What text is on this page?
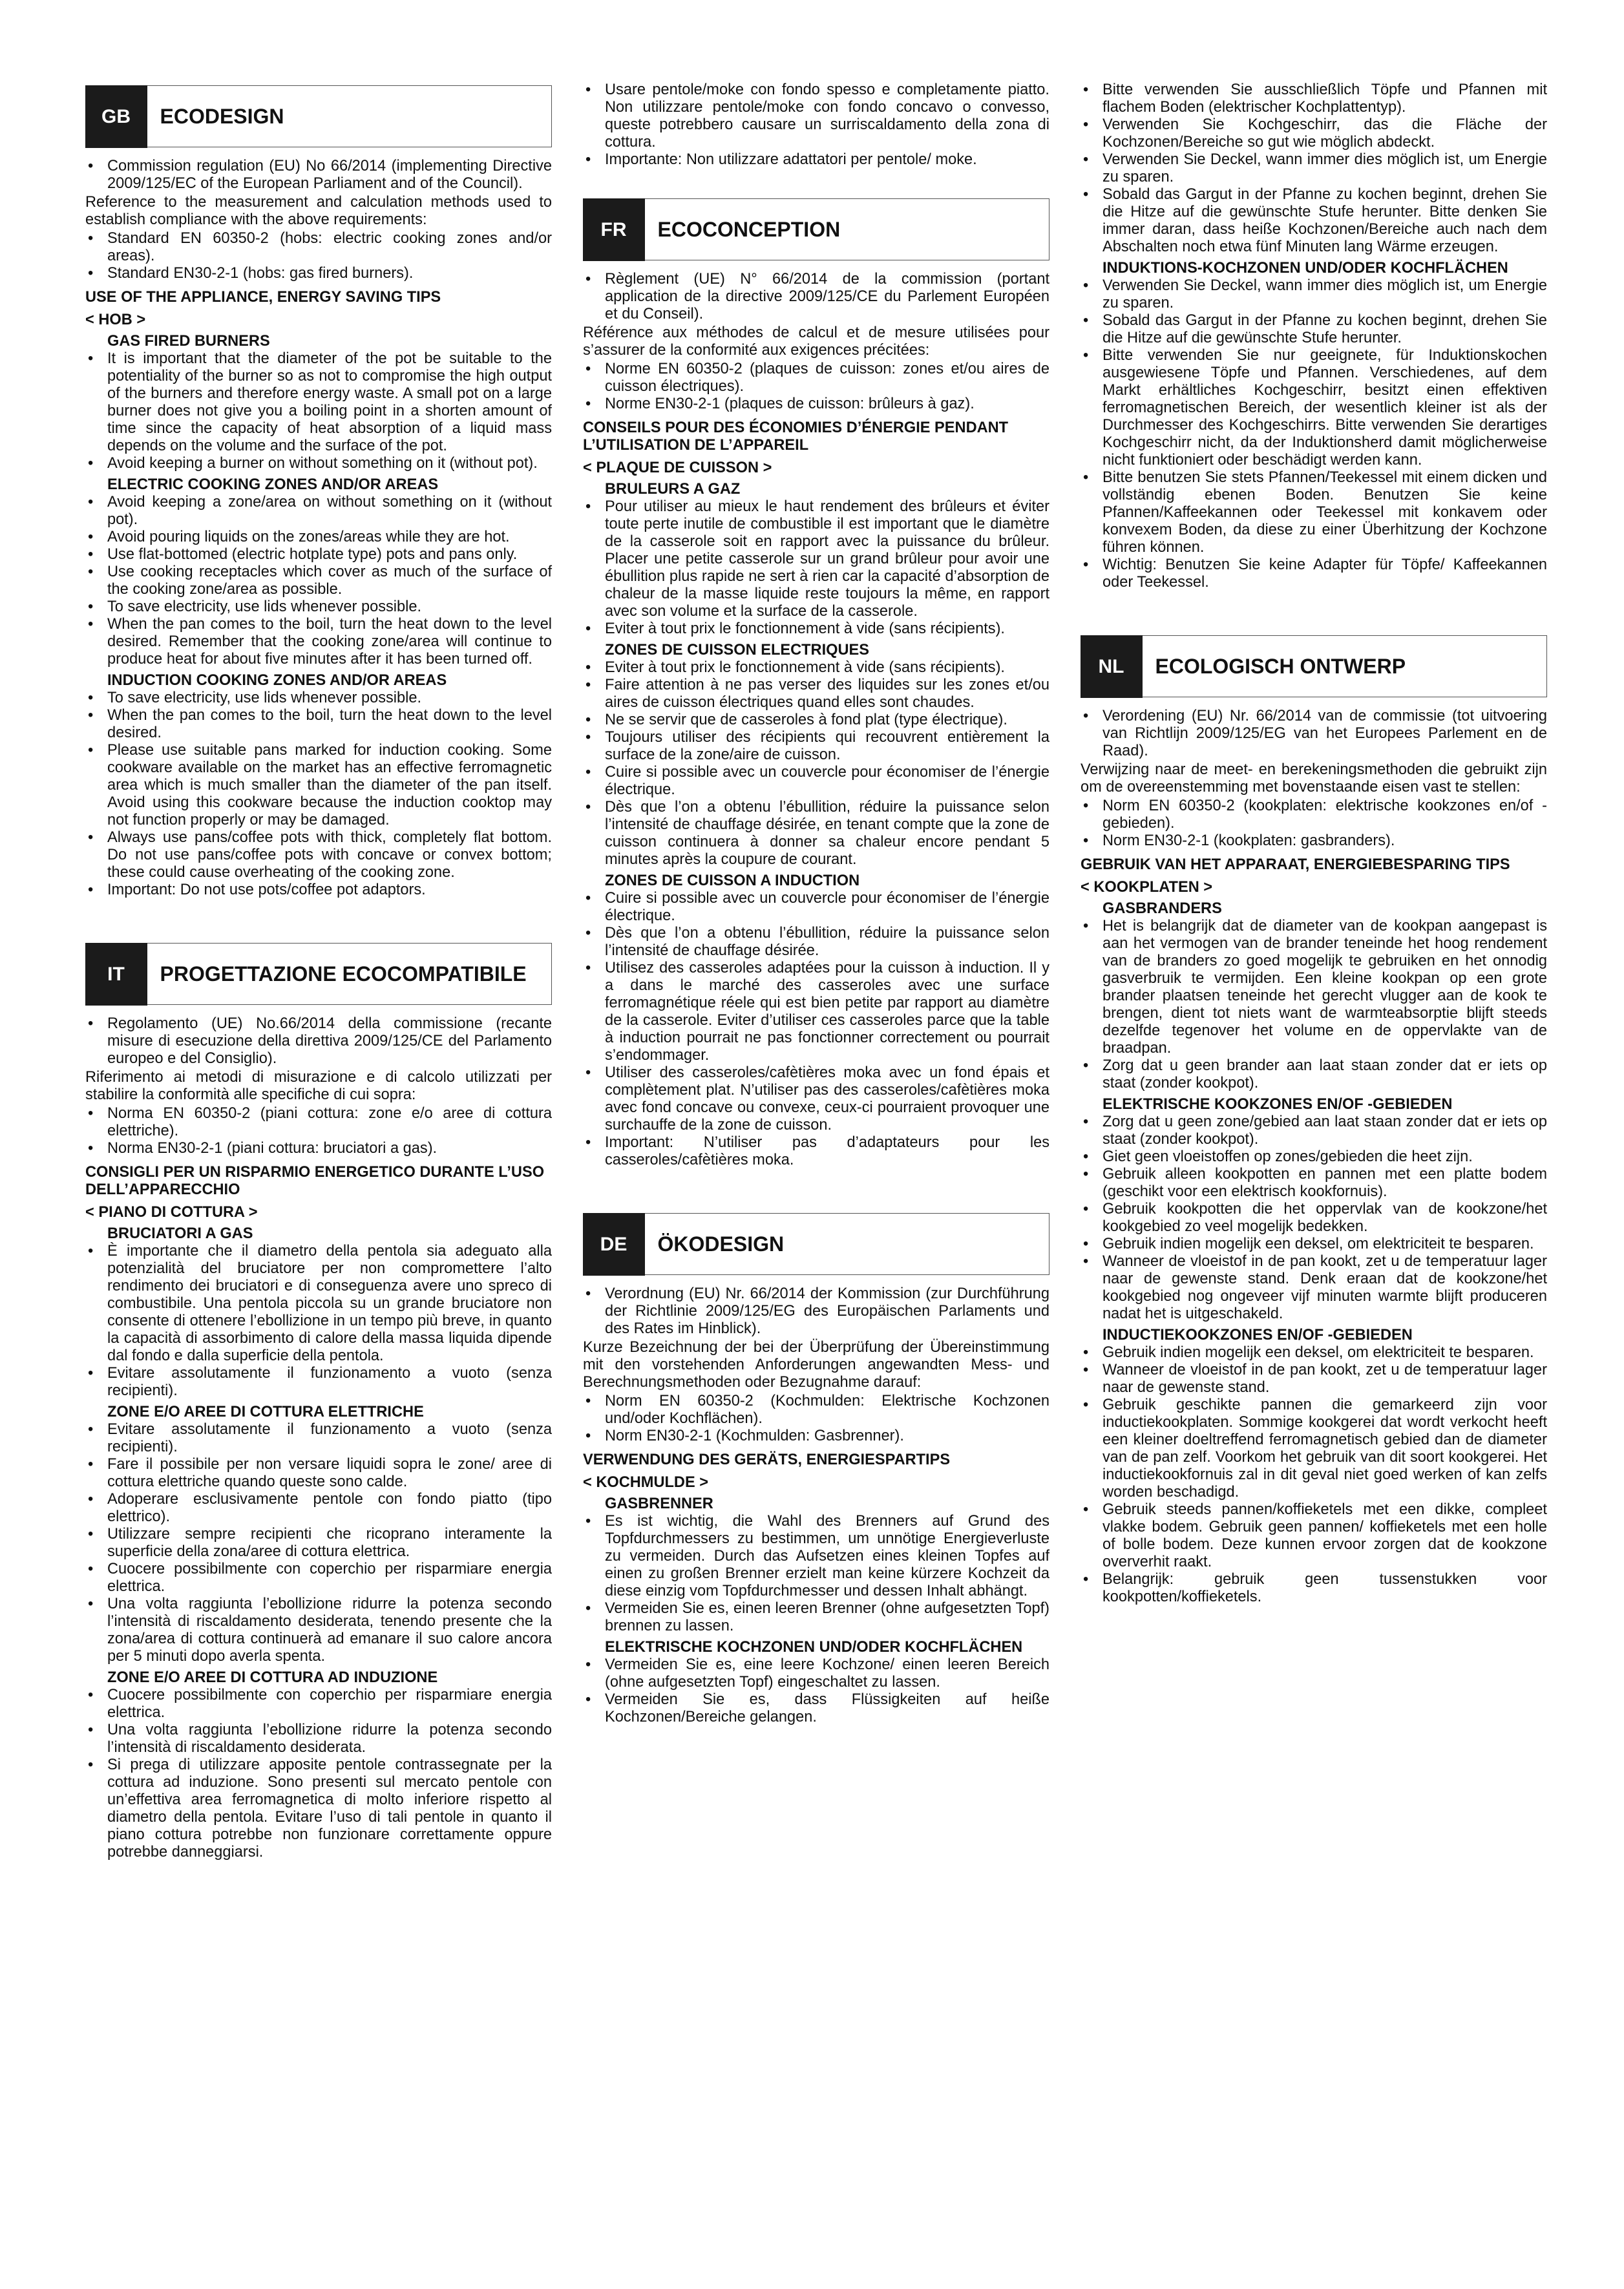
GB	ECODESIGN
• Commission regulation (EU) No 66/2014 (implementing Directive 2009/125/EC of the European Parliament and of the Council).

Reference to the measurement and calculation methods used to establish compliance with the above requirements:

• Standard EN 60350-2 (hobs: electric cooking zones and/or areas).
• Standard EN30-2-1 (hobs: gas fired burners).
USE OF THE APPLIANCE, ENERGY SAVING TIPS
< HOB >
GAS FIRED BURNERS
• It is important that the diameter of the pot be suitable to the potentiality of the burner so as not to compromise the high output of the burners and therefore energy waste. A small pot on a large burner does not give you a boiling point in a shorten amount of time since the capacity of heat absorption of a liquid mass depends on the volume and the surface of the pot.
• Avoid keeping a burner on without something on it (without pot).
ELECTRIC COOKING ZONES AND/OR AREAS
• Avoid keeping a zone/area on without something on it (without pot).
• Avoid pouring liquids on the zones/areas while they are hot.
• Use flat-bottomed (electric hotplate type) pots and pans only.
• Use cooking receptacles which cover as much of the surface of the cooking zone/area as possible.
• To save electricity, use lids whenever possible.
• When the pan comes to the boil, turn the heat down to the level desired. Remember that the cooking zone/area will continue to produce heat for about five minutes after it has been turned off.
INDUCTION COOKING ZONES AND/OR AREAS
• To save electricity, use lids whenever possible.
• When the pan comes to the boil, turn the heat down to the level desired.
• Please use suitable pans marked for induction cooking. Some cookware available on the market has an effective ferromagnetic area which is much smaller than the diameter of the pan itself. Avoid using this cookware because the induction cooktop may not function properly or may be damaged.
• Always use pans/coffee pots with thick, completely flat bottom. Do not use pans/coffee pots with concave or convex bottom; these could cause overheating of the cooking zone.
• Important: Do not use pots/coffee pot adaptors.
IT	PROGETTAZIONE ECOCOMPATIBILE
• Regolamento (UE) No.66/2014 della commissione (recante misure di esecuzione della direttiva 2009/125/CE del Parlamento europeo e del Consiglio).

Riferimento ai metodi di misurazione e di calcolo utilizzati per stabilire la conformità alle specifiche di cui sopra:

• Norma EN 60350-2 (piani cottura: zone e/o aree di cottura elettriche).
• Norma EN30-2-1 (piani cottura: bruciatori a gas).
CONSIGLI PER UN RISPARMIO ENERGETICO DURANTE L’USO DELL’APPARECCHIO
< PIANO DI COTTURA >
BRUCIATORI A GAS
• È importante che il diametro della pentola sia adeguato alla potenzialità del bruciatore per non compromettere l’alto rendimento dei bruciatori e di conseguenza avere uno spreco di combustibile. Una pentola piccola su un grande bruciatore non consente di ottenere l’ebollizione in un tempo più breve, in quanto la capacità di assorbimento di calore della massa liquida dipende dal fondo e dalla superficie della pentola.
• Evitare assolutamente il funzionamento a vuoto (senza recipienti).
ZONE E/O AREE DI COTTURA ELETTRICHE
• Evitare assolutamente il funzionamento a vuoto (senza recipienti).
• Fare il possibile per non versare liquidi sopra le zone/ aree di cottura elettriche quando queste sono calde.
• Adoperare esclusivamente pentole con fondo piatto (tipo elettrico).
• Utilizzare sempre recipienti che ricoprano interamente la superficie della zona/aree di cottura elettrica.
• Cuocere possibilmente con coperchio per risparmiare energia elettrica.
• Una volta raggiunta l’ebollizione ridurre la potenza secondo l’intensità di riscaldamento desiderata, tenendo presente che la zona/area di cottura continuerà ad emanare il suo calore ancora per 5 minuti dopo averla spenta.
ZONE E/O AREE DI COTTURA AD INDUZIONE
• Cuocere possibilmente con coperchio per risparmiare energia elettrica.
• Una volta raggiunta l’ebollizione ridurre la potenza secondo l’intensità di riscaldamento desiderata.
• Si prega di utilizzare apposite pentole contrassegnate per la cottura ad induzione. Sono presenti sul mercato pentole con un’effettiva area ferromagnetica di molto inferiore rispetto al diametro della pentola. Evitare l’uso di tali pentole in quanto il piano cottura potrebbe non funzionare correttamente oppure potrebbe danneggiarsi.
• Usare pentole/moke con fondo spesso e completamente piatto. Non utilizzare pentole/moke con fondo concavo o convesso, queste potrebbero causare un surriscaldamento della zona di cottura.
• Importante: Non utilizzare adattatori per pentole/ moke.
FR	ECOCONCEPTION
• Règlement (UE) N° 66/2014 de la commission (portant application de la directive 2009/125/CE du Parlement Européen et du Conseil).

Référence aux méthodes de calcul et de mesure utilisées pour s’assurer de la conformité aux exigences précitées:

• Norme EN 60350-2 (plaques de cuisson: zones et/ou aires de cuisson électriques).
• Norme EN30-2-1 (plaques de cuisson: brûleurs à gaz).
CONSEILS POUR DES ÉCONOMIES D’ÉNERGIE PENDANT L’UTILISATION DE L’APPAREIL
< PLAQUE DE CUISSON >
BRULEURS A GAZ
• Pour utiliser au mieux le haut rendement des brûleurs et éviter toute perte inutile de combustible il est important que le diamètre de la casserole soit en rapport avec la puissance du brûleur. Placer une petite casserole sur un grand brûleur pour avoir une ébullition plus rapide ne sert à rien car la capacité d’absorption de chaleur de la masse liquide reste toujours la même, en rapport avec son volume et la surface de la casserole.
• Eviter à tout prix le fonctionnement à vide (sans récipients).
ZONES DE CUISSON ELECTRIQUES
• Eviter à tout prix le fonctionnement à vide (sans récipients).
• Faire attention à ne pas verser des liquides sur les zones et/ou aires de cuisson électriques quand elles sont chaudes.
• Ne se servir que de casseroles à fond plat (type électrique).
• Toujours utiliser des récipients qui recouvrent entièrement la surface de la zone/aire de cuisson.
• Cuire si possible avec un couvercle pour économiser de l’énergie électrique.
• Dès que l’on a obtenu l’ébullition, réduire la puissance selon l’intensité de chauffage désirée, en tenant compte que la zone de cuisson continuera à donner sa chaleur encore pendant 5 minutes après la coupure de courant.
ZONES DE CUISSON A INDUCTION
• Cuire si possible avec un couvercle pour économiser de l’énergie électrique.
• Dès que l’on a obtenu l’ébullition, réduire la puissance selon l’intensité de chauffage désirée.
• Utilisez des casseroles adaptées pour la cuisson à induction. Il y a dans le marché des casseroles avec une surface ferromagnétique réele qui est bien petite par rapport au diamètre de la casserole. Eviter d’utiliser ces casseroles parce que la table à induction pourrait ne pas fonctionner correctement ou pourrait s’endommager.
• Utiliser des casseroles/cafètières moka avec un fond épais et complètement plat. N’utiliser pas des casseroles/cafètières moka avec fond concave ou convexe, ceux-ci pourraient provoquer une surchauffe de la zone de cuisson.
• Important: N’utiliser pas d’adaptateurs pour les casseroles/cafètières moka.
DE	ÖKODESIGN
• Verordnung (EU) Nr. 66/2014 der Kommission (zur Durchführung der Richtlinie 2009/125/EG des Europäischen Parlaments und des Rates im Hinblick).

Kurze Bezeichnung der bei der Überprüfung der Übereinstimmung mit den vorstehenden Anforderungen angewandten Mess- und Berechnungsmethoden oder Bezugnahme darauf:

• Norm EN 60350-2 (Kochmulden: Elektrische Kochzonen und/oder Kochflächen).
• Norm EN30-2-1 (Kochmulden: Gasbrenner).
VERWENDUNG DES GERÄTS, ENERGIESPARTIPS
< KOCHMULDE >
GASBRENNER
• Es ist wichtig, die Wahl des Brenners auf Grund des Topfdurchmessers zu bestimmen, um unnötige Energieverluste zu vermeiden. Durch das Aufsetzen eines kleinen Topfes auf einen zu großen Brenner erzielt man keine kürzere Kochzeit da diese einzig vom Topfdurchmesser und dessen Inhalt abhängt.
• Vermeiden Sie es, einen leeren Brenner (ohne aufgesetzten Topf) brennen zu lassen.
ELEKTRISCHE KOCHZONEN UND/ODER KOCHFLÄCHEN
• Vermeiden Sie es, eine leere Kochzone/ einen leeren Bereich (ohne aufgesetzten Topf) eingeschaltet zu lassen.
• Vermeiden Sie es, dass Flüssigkeiten auf heiße Kochzonen/Bereiche gelangen.
• Bitte verwenden Sie ausschließlich Töpfe und Pfannen mit flachem Boden (elektrischer Kochplattentyp).
• Verwenden Sie Kochgeschirr, das die Fläche der Kochzonen/Bereiche so gut wie möglich abdeckt.
• Verwenden Sie Deckel, wann immer dies möglich ist, um Energie zu sparen.
• Sobald das Gargut in der Pfanne zu kochen beginnt, drehen Sie die Hitze auf die gewünschte Stufe herunter. Bitte denken Sie immer daran, dass heiße Kochzonen/Bereiche auch nach dem Abschalten noch etwa fünf Minuten lang Wärme erzeugen.
INDUKTIONS-KOCHZONEN UND/ODER KOCHFLÄCHEN
• Verwenden Sie Deckel, wann immer dies möglich ist, um Energie zu sparen.
• Sobald das Gargut in der Pfanne zu kochen beginnt, drehen Sie die Hitze auf die gewünschte Stufe herunter.
• Bitte verwenden Sie nur geeignete, für Induktionskochen ausgewiesene Töpfe und Pfannen. Verschiedenes, auf dem Markt erhältliches Kochgeschirr, besitzt einen effektiven ferromagnetischen Bereich, der wesentlich kleiner ist als der Durchmesser des Kochgeschirrs. Bitte verwenden Sie derartiges Kochgeschirr nicht, da der Induktionsherd damit möglicherweise nicht funktioniert oder beschädigt werden kann.
• Bitte benutzen Sie stets Pfannen/Teekessel mit einem dicken und vollständig ebenen Boden. Benutzen Sie keine Pfannen/Kaffeekannen oder Teekessel mit konkavem oder konvexem Boden, da diese zu einer Überhitzung der Kochzone führen können.
• Wichtig: Benutzen Sie keine Adapter für Töpfe/ Kaffeekannen oder Teekessel.
NL	ECOLOGISCH ONTWERP
• Verordening (EU) Nr. 66/2014 van de commissie (tot uitvoering van Richtlijn 2009/125/EG van het Europees Parlement en de Raad).

Verwijzing naar de meet- en berekeningsmethoden die gebruikt zijn om de overeenstemming met bovenstaande eisen vast te stellen:

• Norm EN 60350-2 (kookplaten: elektrische kookzones en/of -gebieden).
• Norm EN30-2-1 (kookplaten: gasbranders).
GEBRUIK VAN HET APPARAAT, ENERGIEBESPARING TIPS
< KOOKPLATEN >
GASBRANDERS
• Het is belangrijk dat de diameter van de kookpan aangepast is aan het vermogen van de brander teneinde het hoog rendement van de branders zo goed mogelijk te gebruiken en het onnodig gasverbruik te vermijden. Een kleine kookpan op een grote brander plaatsen teneinde het gerecht vlugger aan de kook te brengen, dient tot niets want de warmteabsorptie blijft steeds dezelfde tegenover het volume en de oppervlakte van de braadpan.
• Zorg dat u geen brander aan laat staan zonder dat er iets op staat (zonder kookpot).
ELEKTRISCHE KOOKZONES EN/OF -GEBIEDEN
• Zorg dat u geen zone/gebied aan laat staan zonder dat er iets op staat (zonder kookpot).
• Giet geen vloeistoffen op zones/gebieden die heet zijn.
• Gebruik alleen kookpotten en pannen met een platte bodem (geschikt voor een elektrisch kookfornuis).
• Gebruik kookpotten die het oppervlak van de kookzone/het kookgebied zo veel mogelijk bedekken.
• Gebruik indien mogelijk een deksel, om elektriciteit te besparen.
• Wanneer de vloeistof in de pan kookt, zet u de temperatuur lager naar de gewenste stand. Denk eraan dat de kookzone/het kookgebied nog ongeveer vijf minuten warmte blijft produceren nadat het is uitgeschakeld.
INDUCTIEKOOKZONES EN/OF -GEBIEDEN
• Gebruik indien mogelijk een deksel, om elektriciteit te besparen.
• Wanneer de vloeistof in de pan kookt, zet u de temperatuur lager naar de gewenste stand.
• Gebruik geschikte pannen die gemarkeerd zijn voor inductiekookplaten. Sommige kookgerei dat wordt verkocht heeft een kleiner doeltreffend ferromagnetisch gebied dan de diameter van de pan zelf. Voorkom het gebruik van dit soort kookgerei. Het inductiekookfornuis zal in dit geval niet goed werken of kan zelfs worden beschadigd.
• Gebruik steeds pannen/koffieketels met een dikke, compleet vlakke bodem. Gebruik geen pannen/ koffieketels met een holle of bolle bodem. Deze kunnen ervoor zorgen dat de kookzone oververhit raakt.
• Belangrijk: gebruik geen tussenstukken voor kookpotten/koffieketels.
